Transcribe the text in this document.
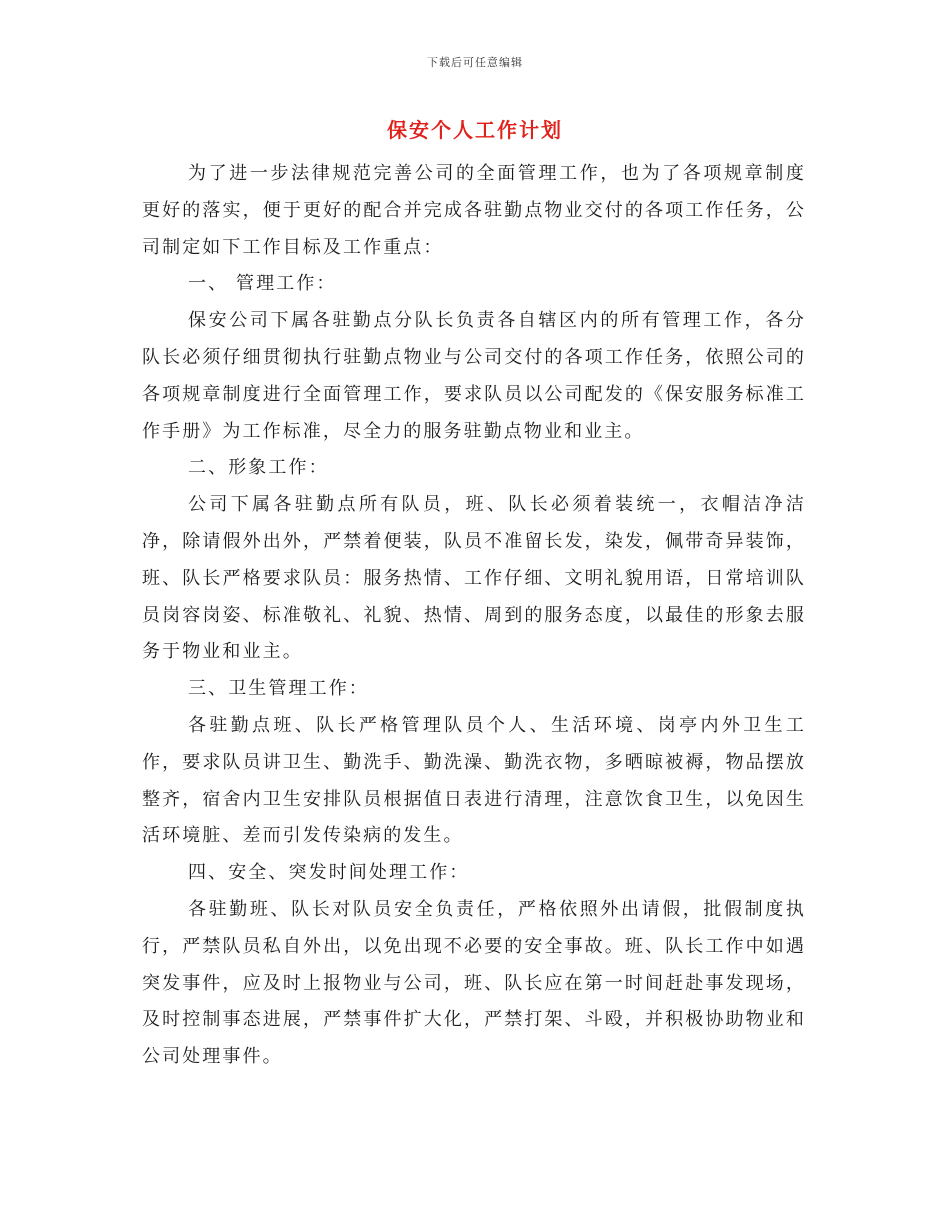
下载后可任意编辑
保安个人工作计划

为了进一步法律规范完善公司的全面管理工作，也为了各项规章制度更好的落实，便于更好的配合并完成各驻勤点物业交付的各项工作任务，公司制定如下工作目标及工作重点：

一、 管理工作：

保安公司下属各驻勤点分队长负责各自辖区内的所有管理工作，各分队长必须仔细贯彻执行驻勤点物业与公司交付的各项工作任务，依照公司的各项规章制度进行全面管理工作，要求队员以公司配发的《保安服务标准工作手册》为工作标准，尽全力的服务驻勤点物业和业主。

二、形象工作：

公司下属各驻勤点所有队员，班、队长必须着装统一，衣帽洁净洁净，除请假外出外，严禁着便装，队员不准留长发，染发，佩带奇异装饰，班、队长严格要求队员：服务热情、工作仔细、文明礼貌用语，日常培训队员岗容岗姿、标准敬礼、礼貌、热情、周到的服务态度，以最佳的形象去服务于物业和业主。

三、卫生管理工作：

各驻勤点班、队长严格管理队员个人、生活环境、岗亭内外卫生工作，要求队员讲卫生、勤洗手、勤洗澡、勤洗衣物，多晒晾被褥，物品摆放整齐，宿舍内卫生安排队员根据值日表进行清理，注意饮食卫生，以免因生活环境脏、差而引发传染病的发生。

四、安全、突发时间处理工作：

各驻勤班、队长对队员安全负责任，严格依照外出请假，批假制度执行，严禁队员私自外出，以免出现不必要的安全事故。班、队长工作中如遇突发事件，应及时上报物业与公司，班、队长应在第一时间赶赴事发现场，及时控制事态进展，严禁事件扩大化，严禁打架、斗殴，并积极协助物业和公司处理事件。
